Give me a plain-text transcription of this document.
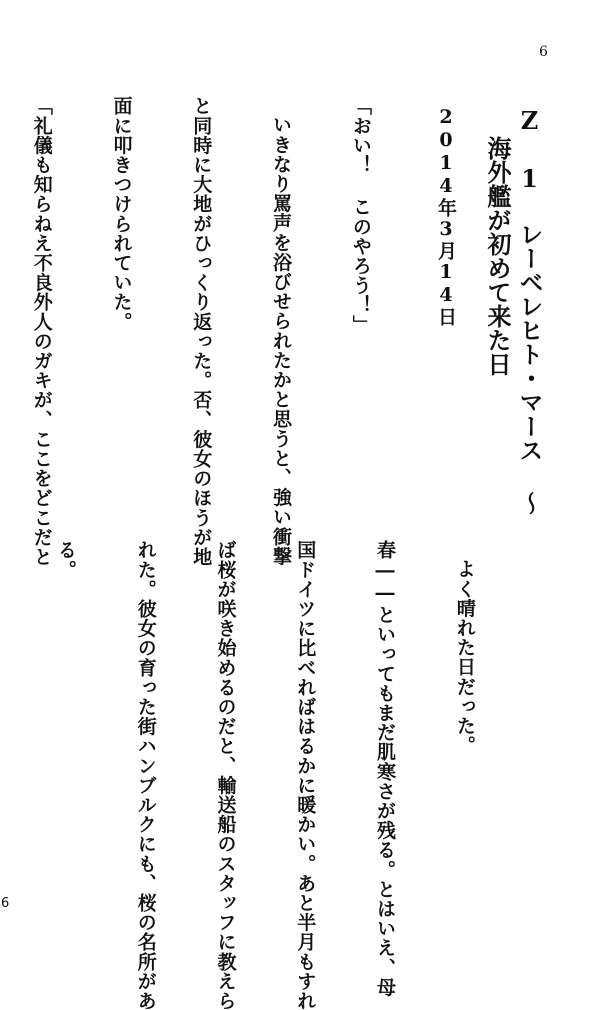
6
Z 1 レーベレヒト・マース ～
海外艦が初めて来た日
2014年3月14日

「おい！ このやろう！」

いきなり罵声を浴びせられたかと思うと、強い衝撃

と同時に大地がひっくり返った。否、彼女のほうが地

面に叩きつけられていた。

「礼儀も知らねえ不良外人のガキが、ここをどこだと

よく晴れた日だった。

春――といってもまだ肌寒さが残る。とはいえ、母

国ドイツに比べればはるかに暖かい。あと半月もすれ

ば桜が咲き始めるのだと、輸送船のスタッフに教えら

れた。彼女の育った街ハンブルクにも、桜の名所があ

る。

6
